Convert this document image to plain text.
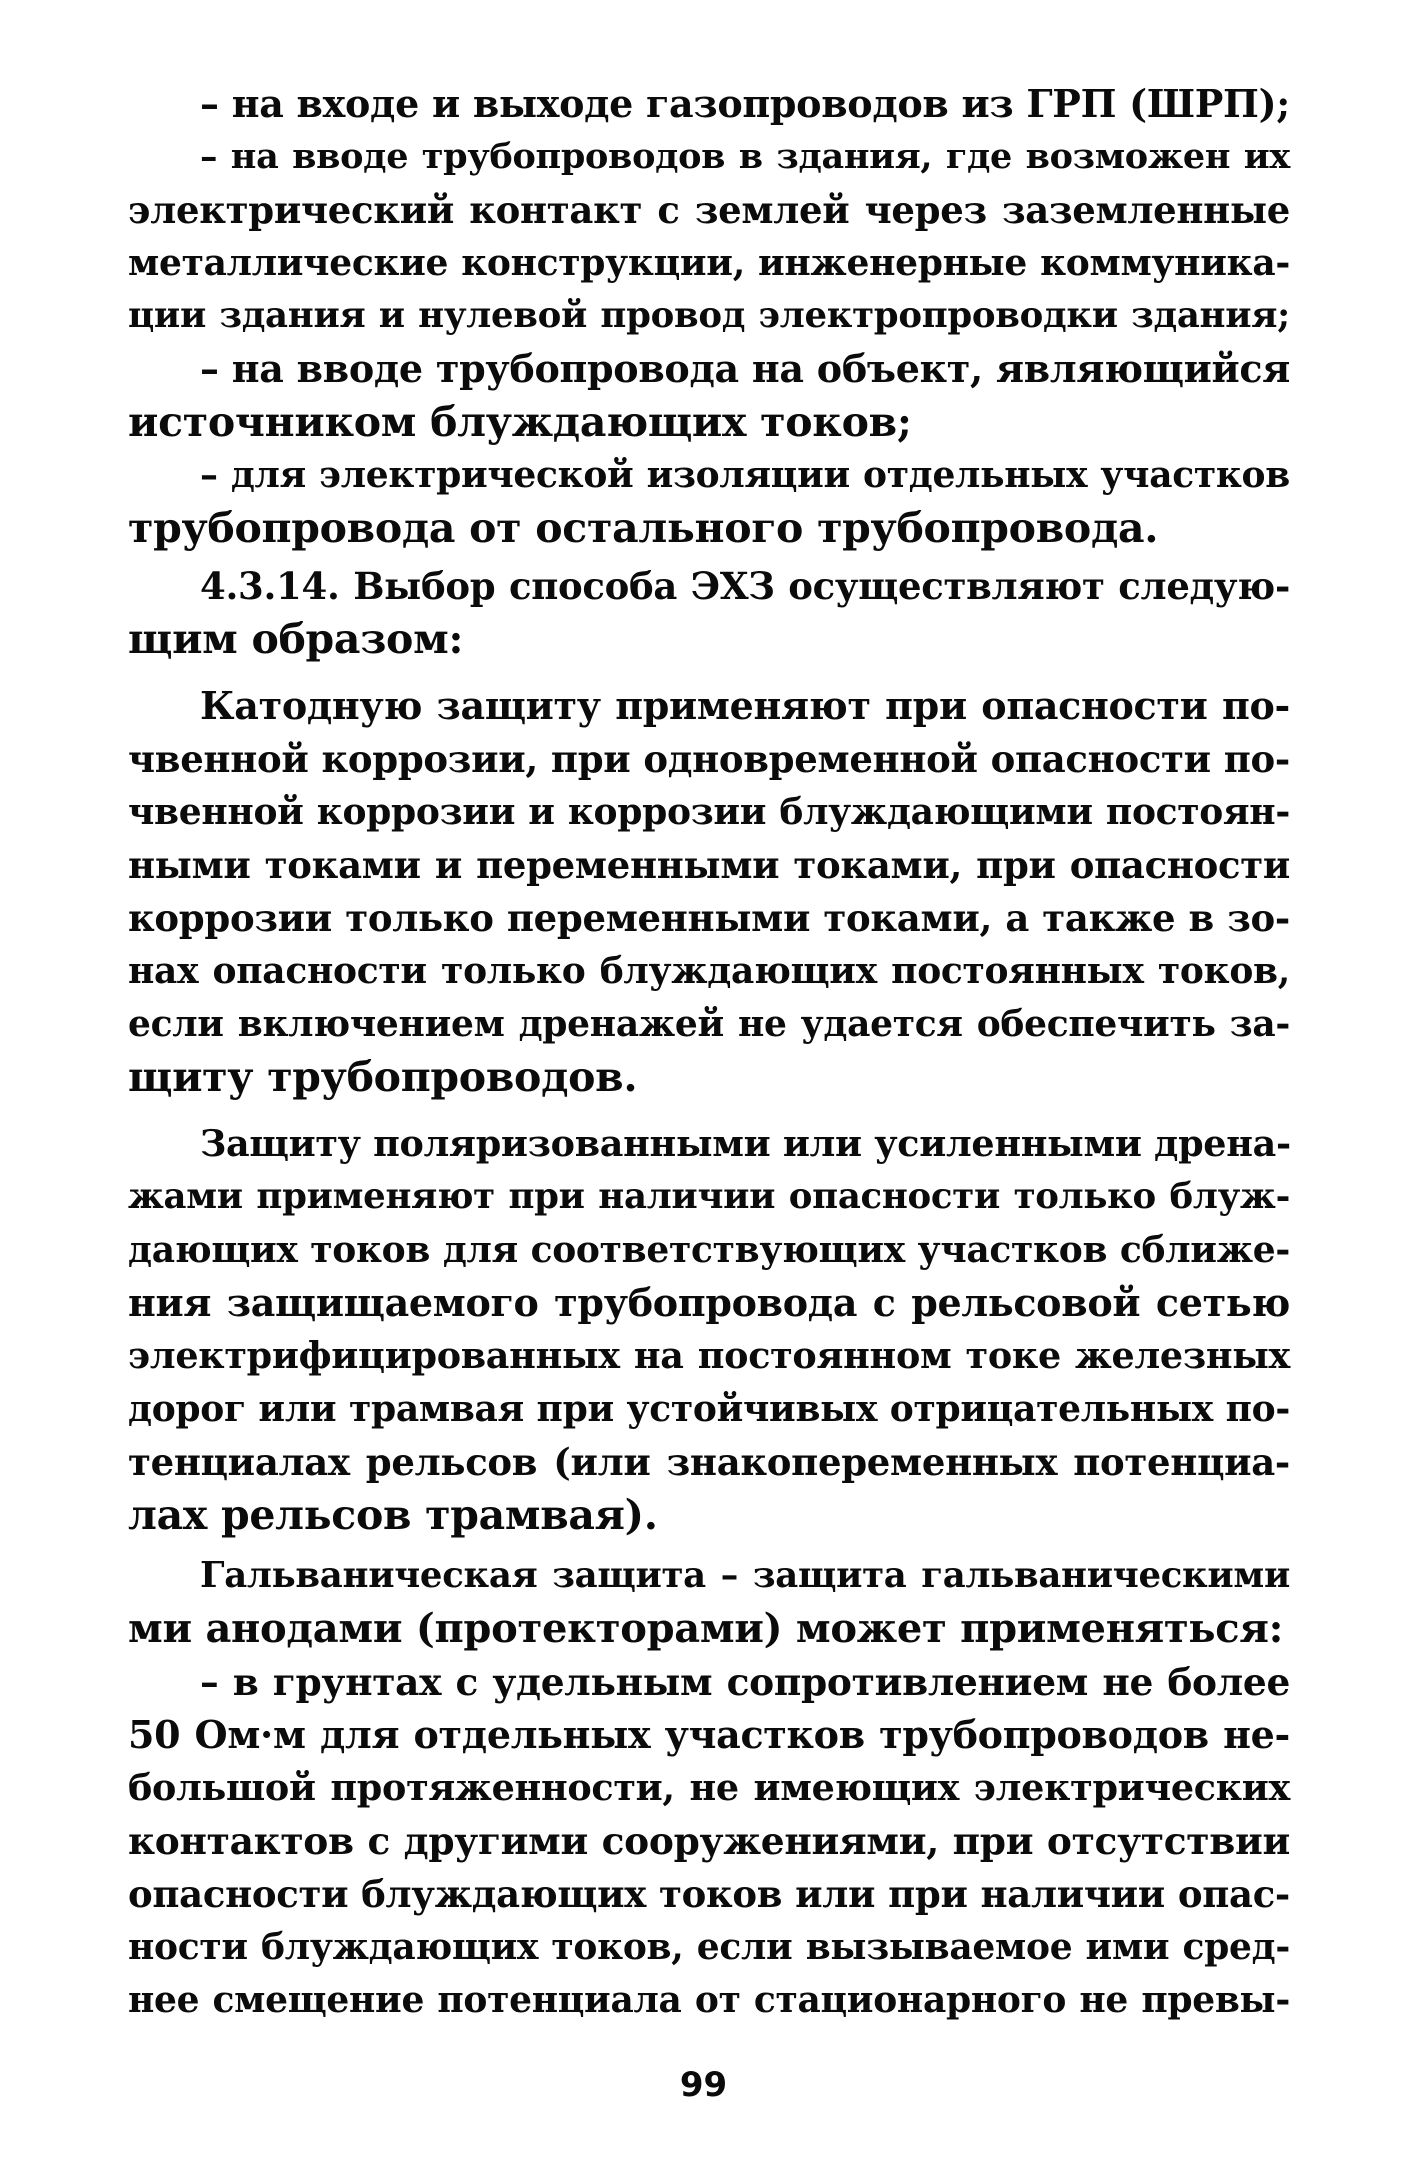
– на входе и выходе газопроводов из ГРП (ШРП);
– на вводе трубопроводов в здания, где возможен их
электрический контакт с землей через заземленные
металлические конструкции, инженерные коммуника-
ции здания и нулевой провод электропроводки здания;
– на вводе трубопровода на объект, являющийся
источником блуждающих токов;
– для электрической изоляции отдельных участков
трубопровода от остального трубопровода.
4.3.14. Выбор способа ЭХЗ осуществляют следую-
щим образом:
Катодную защиту применяют при опасности по-
чвенной коррозии, при одновременной опасности по-
чвенной коррозии и коррозии блуждающими постоян-
ными токами и переменными токами, при опасности
коррозии только переменными токами, а также в зо-
нах опасности только блуждающих постоянных токов,
если включением дренажей не удается обеспечить за-
щиту трубопроводов.
Защиту поляризованными или усиленными дрена-
жами применяют при наличии опасности только блуж-
дающих токов для соответствующих участков сближе-
ния защищаемого трубопровода с рельсовой сетью
электрифицированных на постоянном токе железных
дорог или трамвая при устойчивых отрицательных по-
тенциалах рельсов (или знакопеременных потенциа-
лах рельсов трамвая).
Гальваническая защита – защита гальваническими
ми анодами (протекторами) может применяться:
– в грунтах с удельным сопротивлением не более
50 Ом·м для отдельных участков трубопроводов не-
большой протяженности, не имеющих электрических
контактов с другими сооружениями, при отсутствии
опасности блуждающих токов или при наличии опас-
ности блуждающих токов, если вызываемое ими сред-
нее смещение потенциала от стационарного не превы-
99
